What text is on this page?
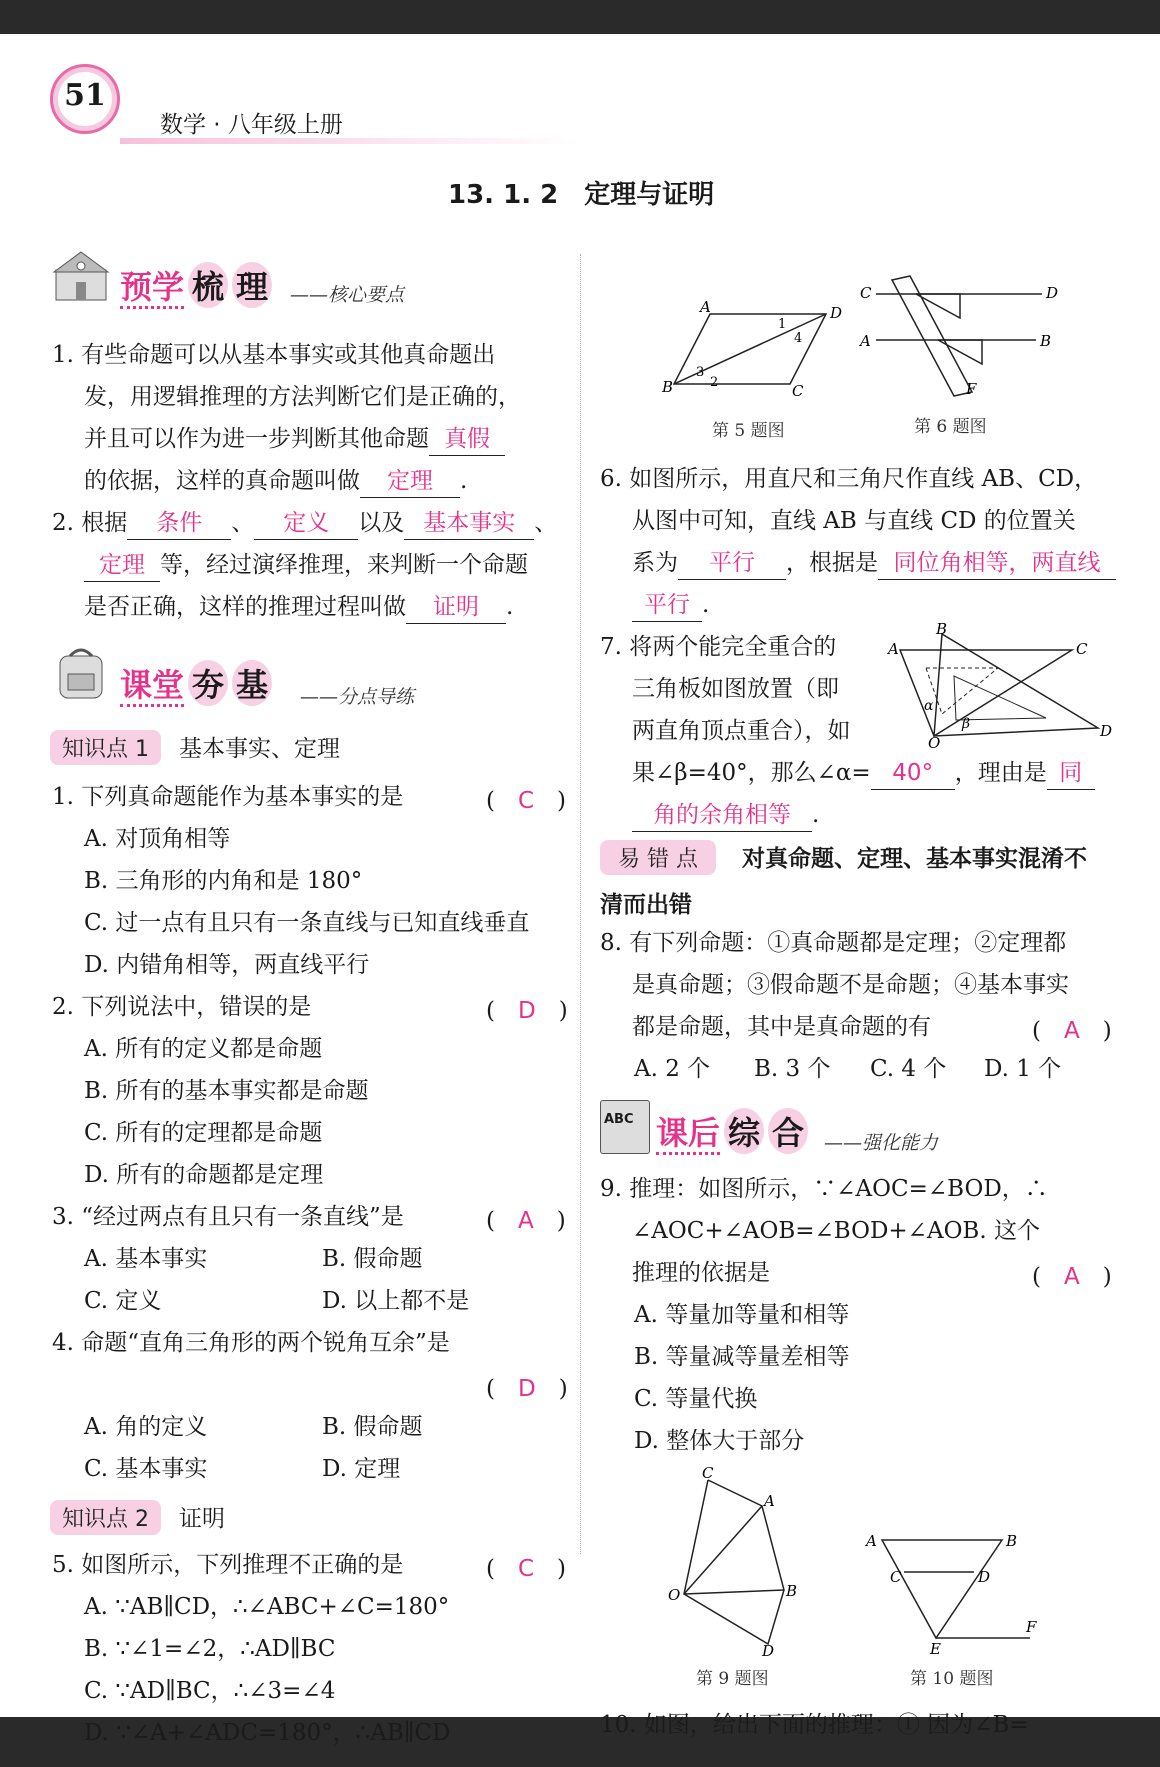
51
数学 · 八年级上册
13. 1. 2　定理与证明
预学 梳 理 ——核心要点
1. 有些命题可以从基本事实或其他真命题出
发，用逻辑推理的方法判断它们是正确的，
并且可以作为进一步判断其他命题 真假
的依据，这样的真命题叫做 定理 .
2. 根据 条件 、 定义 以及 基本事实 、
定理 等，经过演绎推理，来判断一个命题
是否正确，这样的推理过程叫做 证明 .
课堂 夯 基 ——分点导练
知识点 1 基本事实、定理
1. 下列真命题能作为基本事实的是	(　C　)
A. 对顶角相等
B. 三角形的内角和是 180°
C. 过一点有且只有一条直线与已知直线垂直
D. 内错角相等，两直线平行
2. 下列说法中，错误的是	(　D　)
A. 所有的定义都是命题
B. 所有的基本事实都是命题
C. 所有的定理都是命题
D. 所有的命题都是定理
3. “经过两点有且只有一条直线”是	(　A　)
A. 基本事实	B. 假命题
C. 定义	D. 以上都不是
4. 命题“直角三角形的两个锐角互余”是
(　D　)
A. 角的定义	B. 假命题
C. 基本事实	D. 定理
知识点 2 证明
5. 如图所示，下列推理不正确的是	(　C　)
A. ∵AB∥CD，∴∠ABC+∠C=180°
B. ∵∠1=∠2，∴AD∥BC
C. ∵AD∥BC，∴∠3=∠4
D. ∵∠A+∠ADC=180°，∴AB∥CD
A	D
B	C
1
4
3
2
第 5 题图
C	D
A	B
F
第 6 题图
6. 如图所示，用直尺和三角尺作直线 AB、CD，
从图中可知，直线 AB 与直线 CD 的位置关
系为 平行 ，根据是 同位角相等，两直线
平行 .
7. 将两个能完全重合的
三角板如图放置（即
两直角顶点重合），如
A	C
B
D
O
α
β
果∠β=40°，那么∠α= 40° ，理由是 同
角的余角相等 .
易 错 点 对真命题、定理、基本事实混淆不
清而出错
8. 有下列命题：①真命题都是定理；②定理都
是真命题；③假命题不是命题；④基本事实
都是命题，其中是真命题的有	(　A　)
A. 2 个 B. 3 个 C. 4 个 D. 1 个
ABC 课后 综 合 ——强化能力
9. 推理：如图所示，∵∠AOC=∠BOD，∴
∠AOC+∠AOB=∠BOD+∠AOB. 这个
推理的依据是	(　A　)
A. 等量加等量和相等
B. 等量减等量差相等
C. 等量代换
D. 整体大于部分
C
A
B
D
O
第 9 题图
A	B
C	D
E
F
第 10 题图
10. 如图，给出下面的推理：① 因为∠B=
